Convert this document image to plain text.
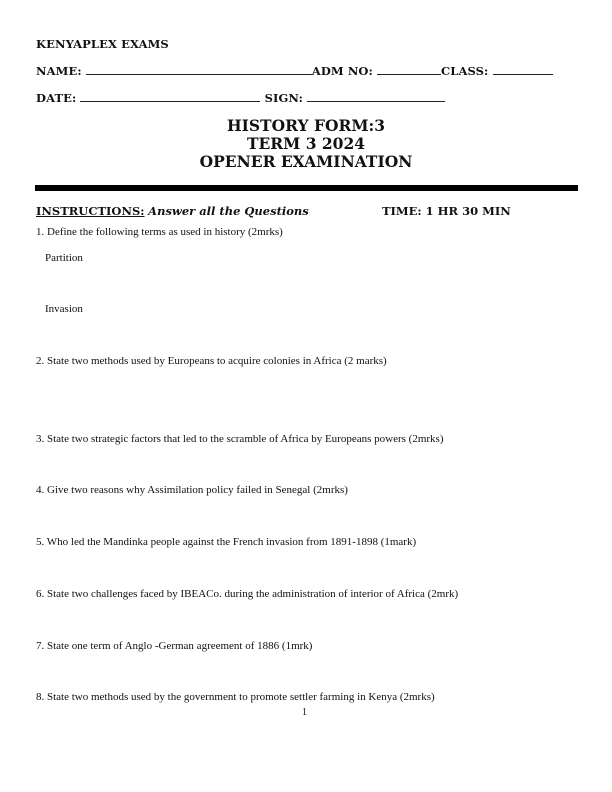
KENYAPLEX EXAMS
NAME:	ADM NO:	CLASS:
DATE:	SIGN:
HISTORY FORM:3
TERM 3 2024
OPENER EXAMINATION
INSTRUCTIONS: Answer all the Questions	TIME: 1 HR 30 MIN
1. Define the following terms as used in history (2mrks)
Partition
Invasion
2. State two methods used by Europeans to acquire colonies in Africa (2 marks)
3. State two strategic factors that led to the scramble of Africa by Europeans powers (2mrks)
4. Give two reasons why Assimilation policy failed in Senegal (2mrks)
5. Who led the Mandinka people against the French invasion from 1891-1898 (1mark)
6. State two challenges faced by IBEACo. during the administration of interior of Africa (2mrk)
7. State one term of Anglo -German agreement of 1886 (1mrk)
8. State two methods used by the government to promote settler farming in Kenya (2mrks)
1
